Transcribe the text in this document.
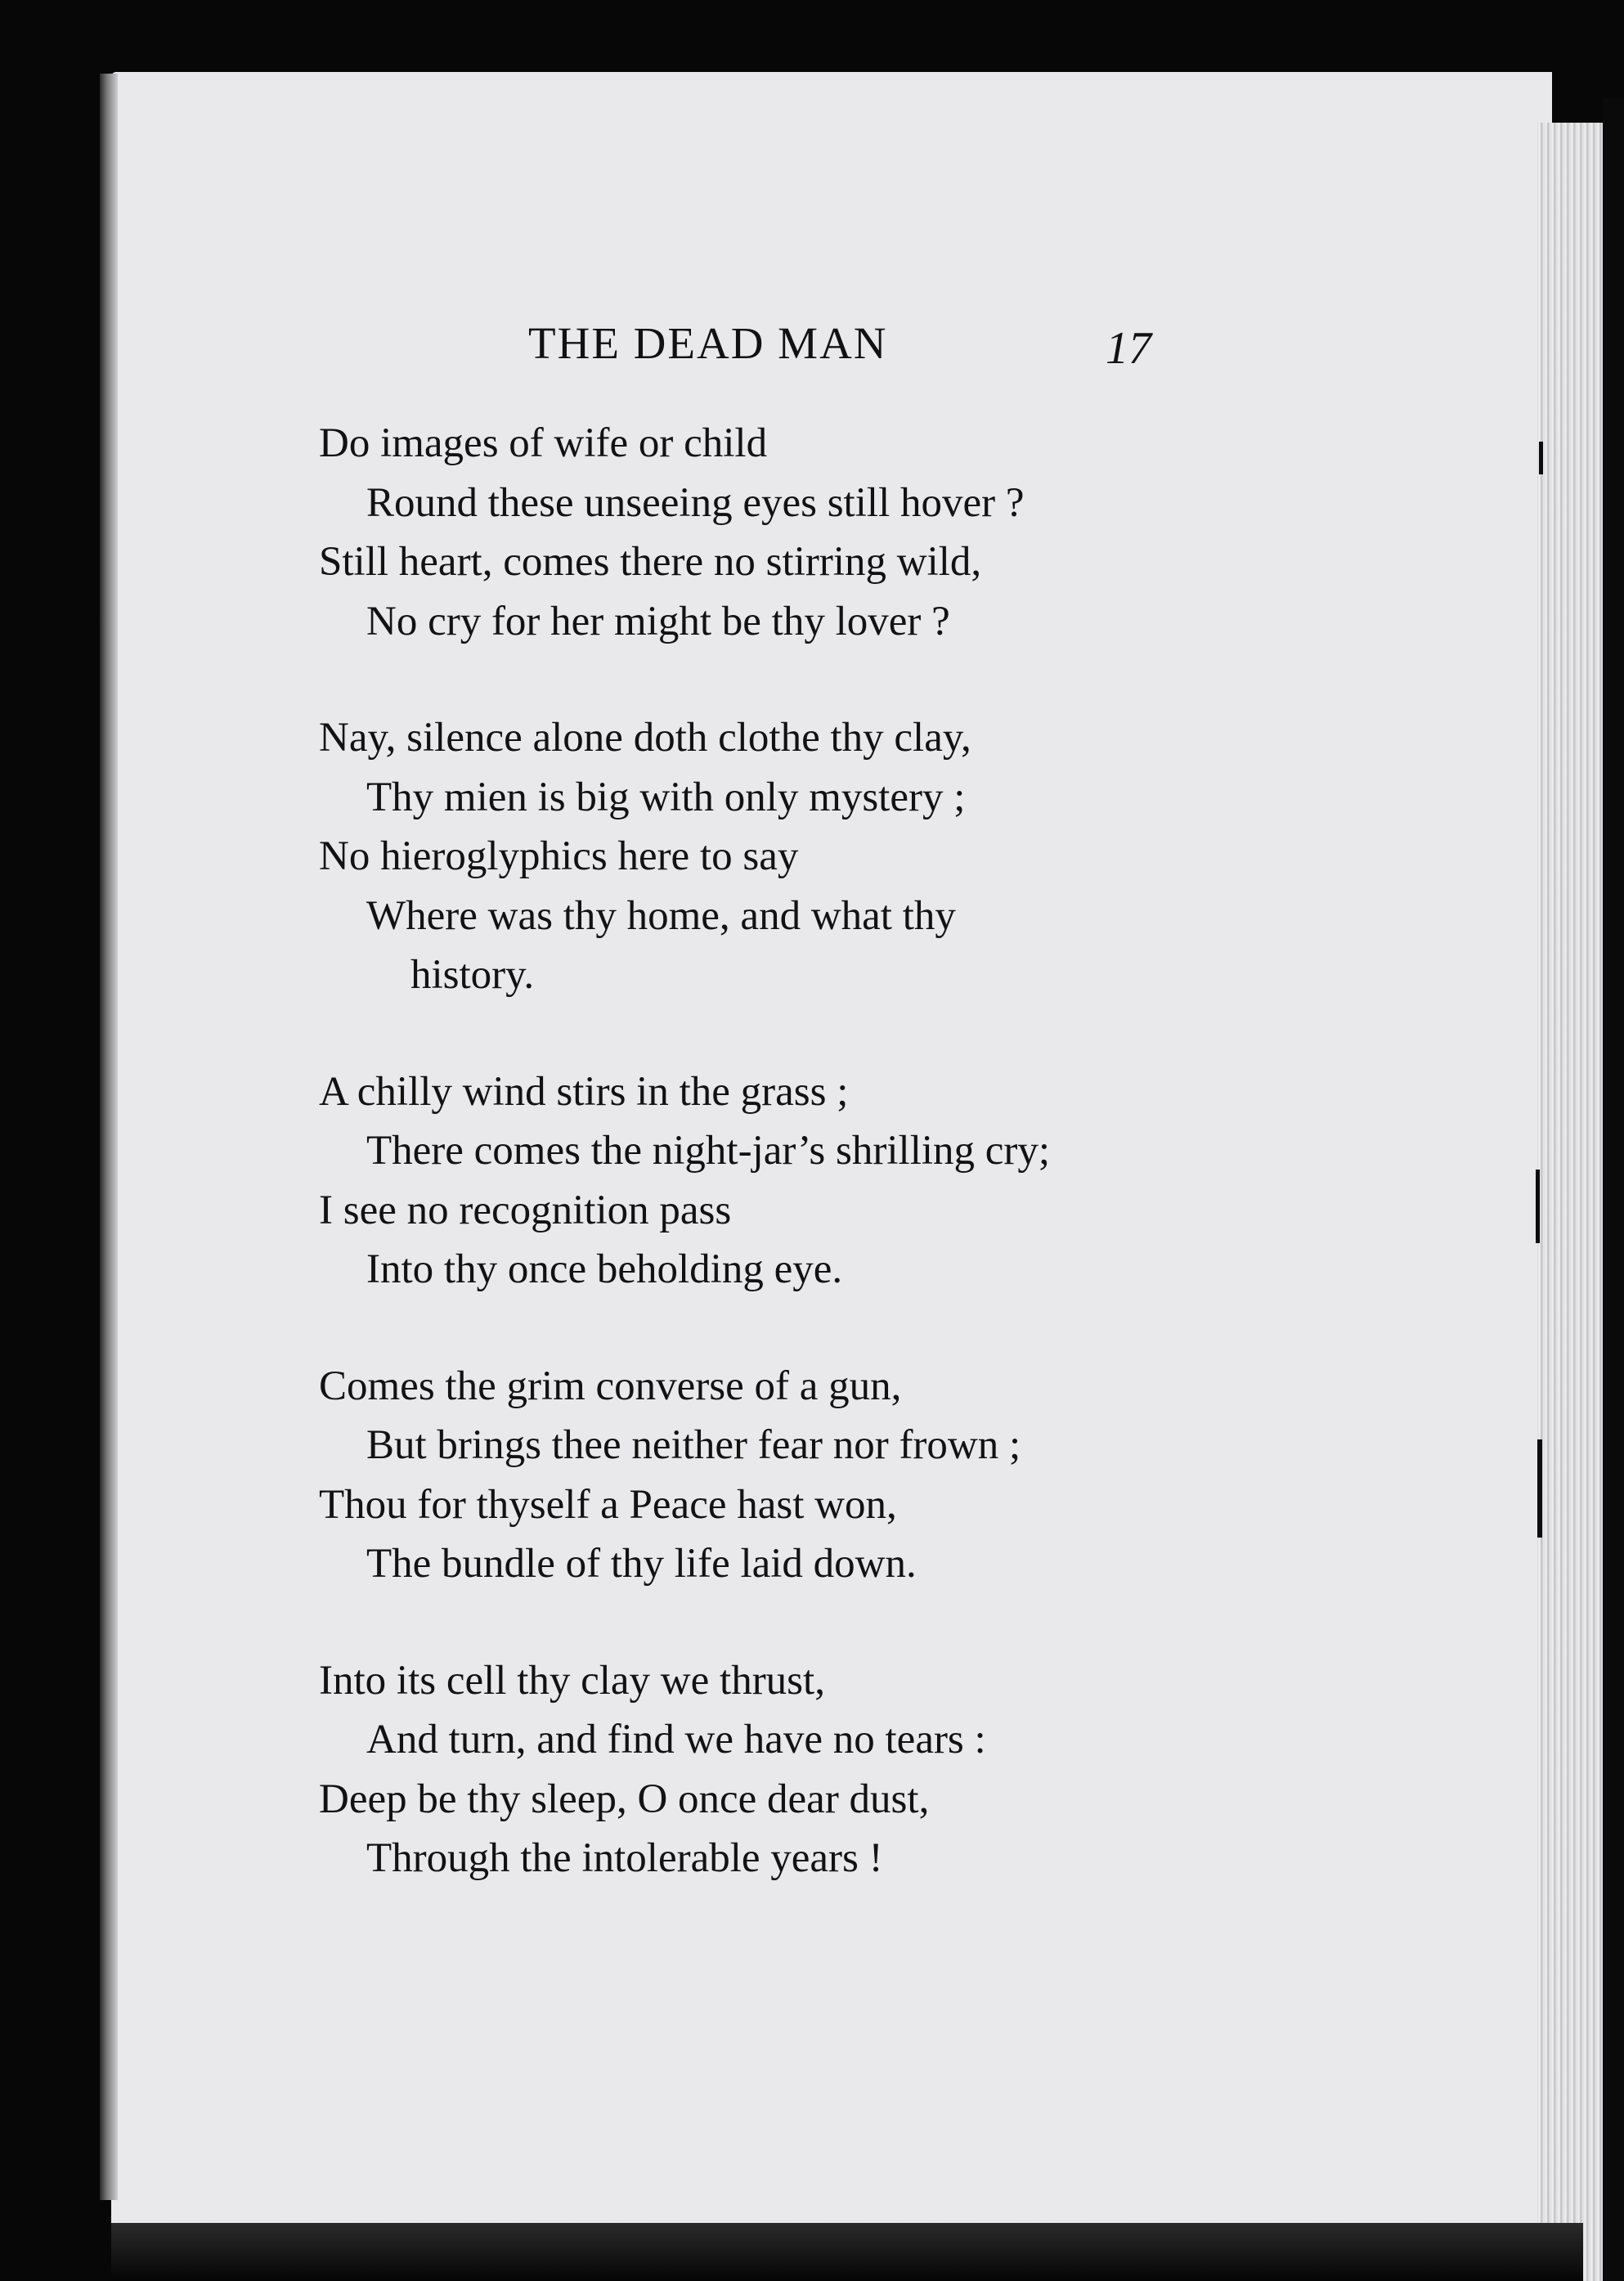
THE DEAD MAN	17
Do images of wife or child
Round these unseeing eyes still hover ?
Still heart, comes there no stirring wild,
No cry for her might be thy lover ?
Nay, silence alone doth clothe thy clay,
Thy mien is big with only mystery ;
No hieroglyphics here to say
Where was thy home, and what thy
history.
A chilly wind stirs in the grass ;
There comes the night-jar’s shrilling cry;
I see no recognition pass
Into thy once beholding eye.
Comes the grim converse of a gun,
But brings thee neither fear nor frown ;
Thou for thyself a Peace hast won,
The bundle of thy life laid down.
Into its cell thy clay we thrust,
And turn, and find we have no tears :
Deep be thy sleep, O once dear dust,
Through the intolerable years !
